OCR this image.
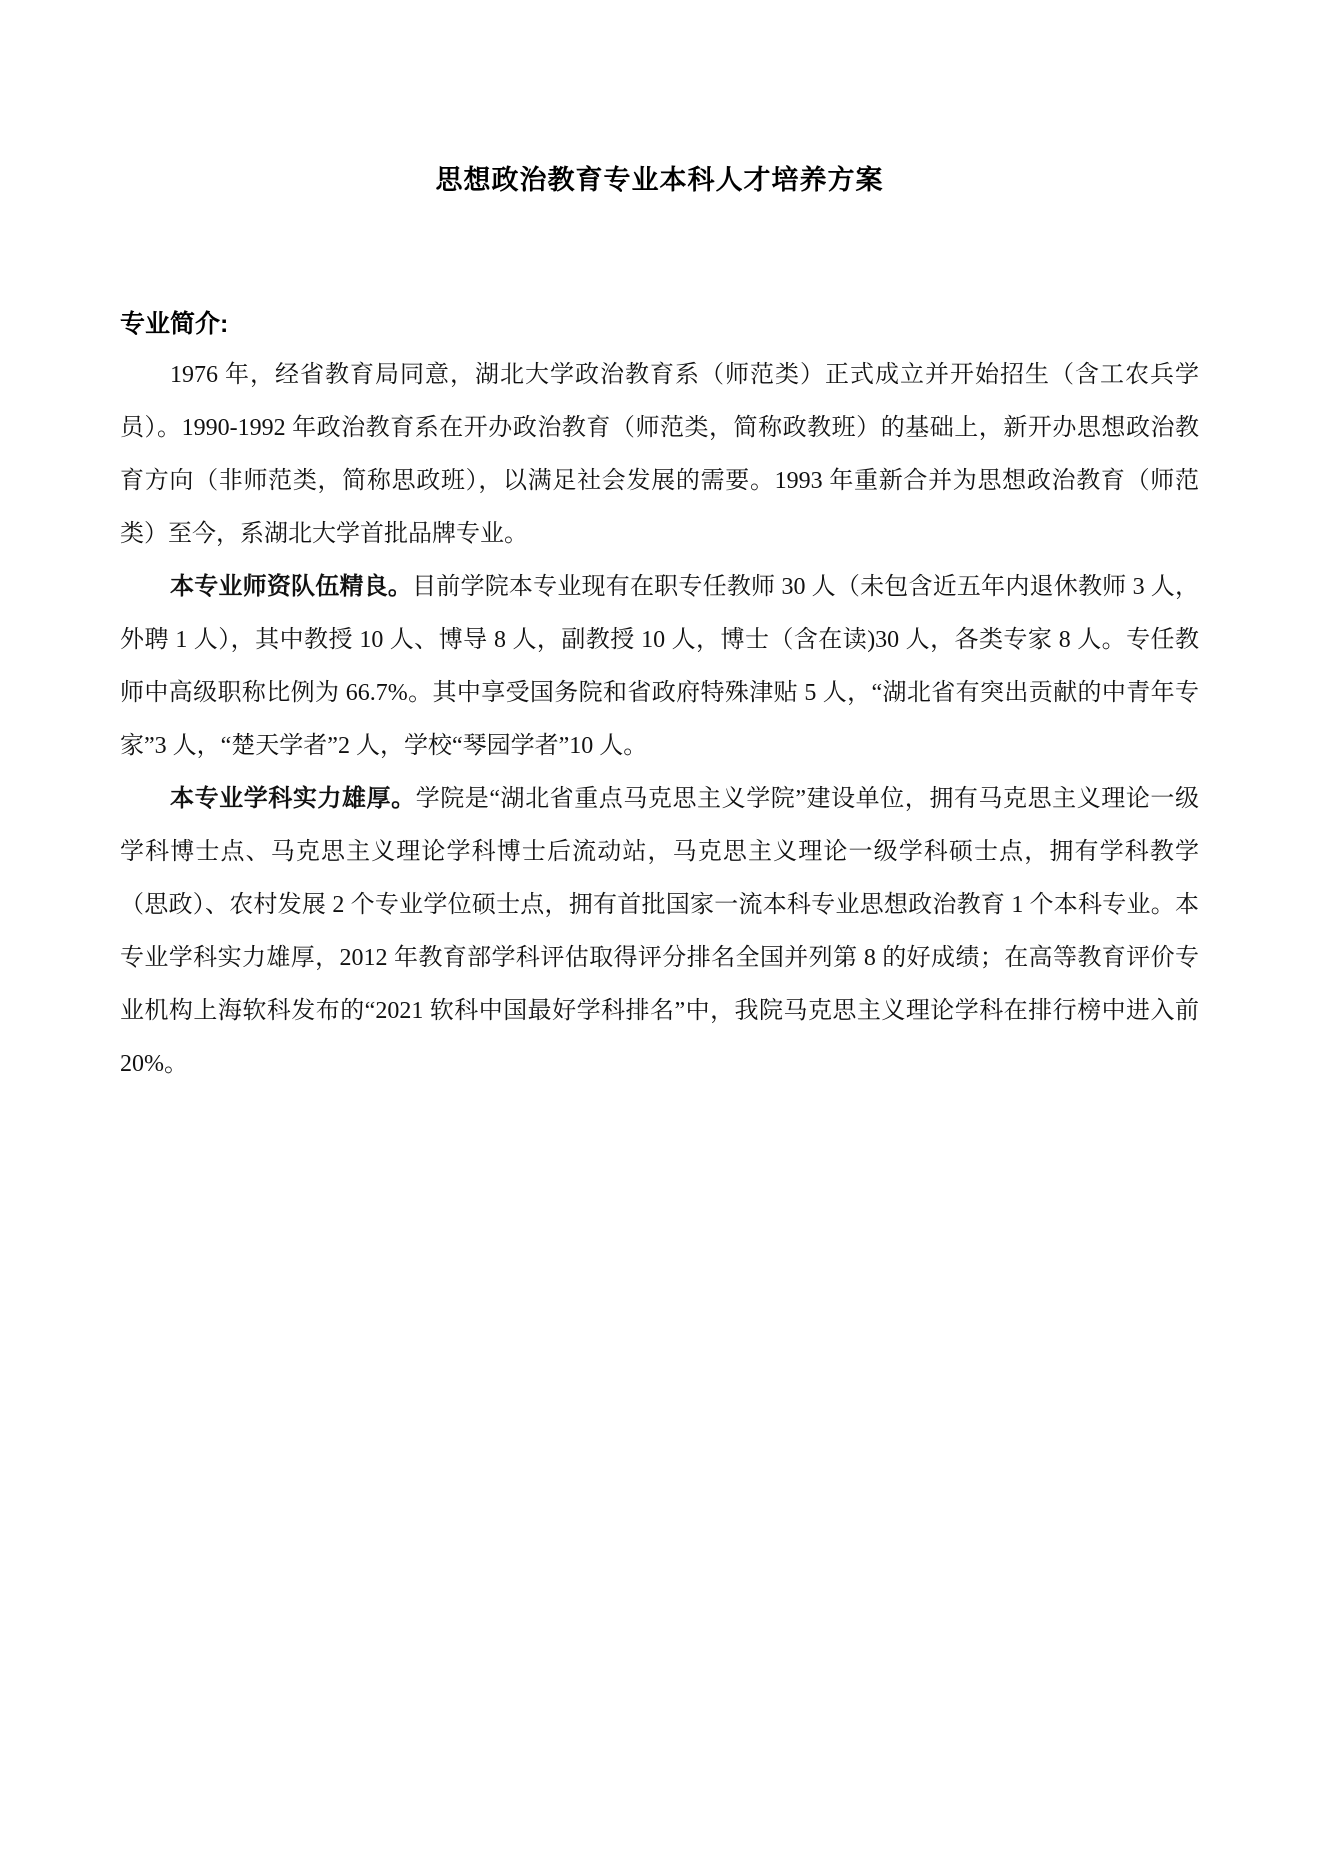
思想政治教育专业本科人才培养方案
专业简介:

1976 年，经省教育局同意，湖北大学政治教育系（师范类）正式成立并开始招生（含工农兵学员）。1990-1992 年政治教育系在开办政治教育（师范类，简称政教班）的基础上，新开办思想政治教育方向（非师范类，简称思政班），以满足社会发展的需要。1993 年重新合并为思想政治教育（师范类）至今，系湖北大学首批品牌专业。

本专业师资队伍精良。目前学院本专业现有在职专任教师 30 人（未包含近五年内退休教师 3 人，外聘 1 人），其中教授 10 人、博导 8 人，副教授 10 人，博士（含在读)30 人，各类专家 8 人。专任教师中高级职称比例为 66.7%。其中享受国务院和省政府特殊津贴 5 人，“湖北省有突出贡献的中青年专家”3 人，“楚天学者”2 人，学校“琴园学者”10 人。

本专业学科实力雄厚。学院是“湖北省重点马克思主义学院”建设单位，拥有马克思主义理论一级学科博士点、马克思主义理论学科博士后流动站，马克思主义理论一级学科硕士点，拥有学科教学（思政）、农村发展 2 个专业学位硕士点，拥有首批国家一流本科专业思想政治教育 1 个本科专业。本专业学科实力雄厚，2012 年教育部学科评估取得评分排名全国并列第 8 的好成绩；在高等教育评价专业机构上海软科发布的“2021 软科中国最好学科排名”中，我院马克思主义理论学科在排行榜中进入前 20%。
